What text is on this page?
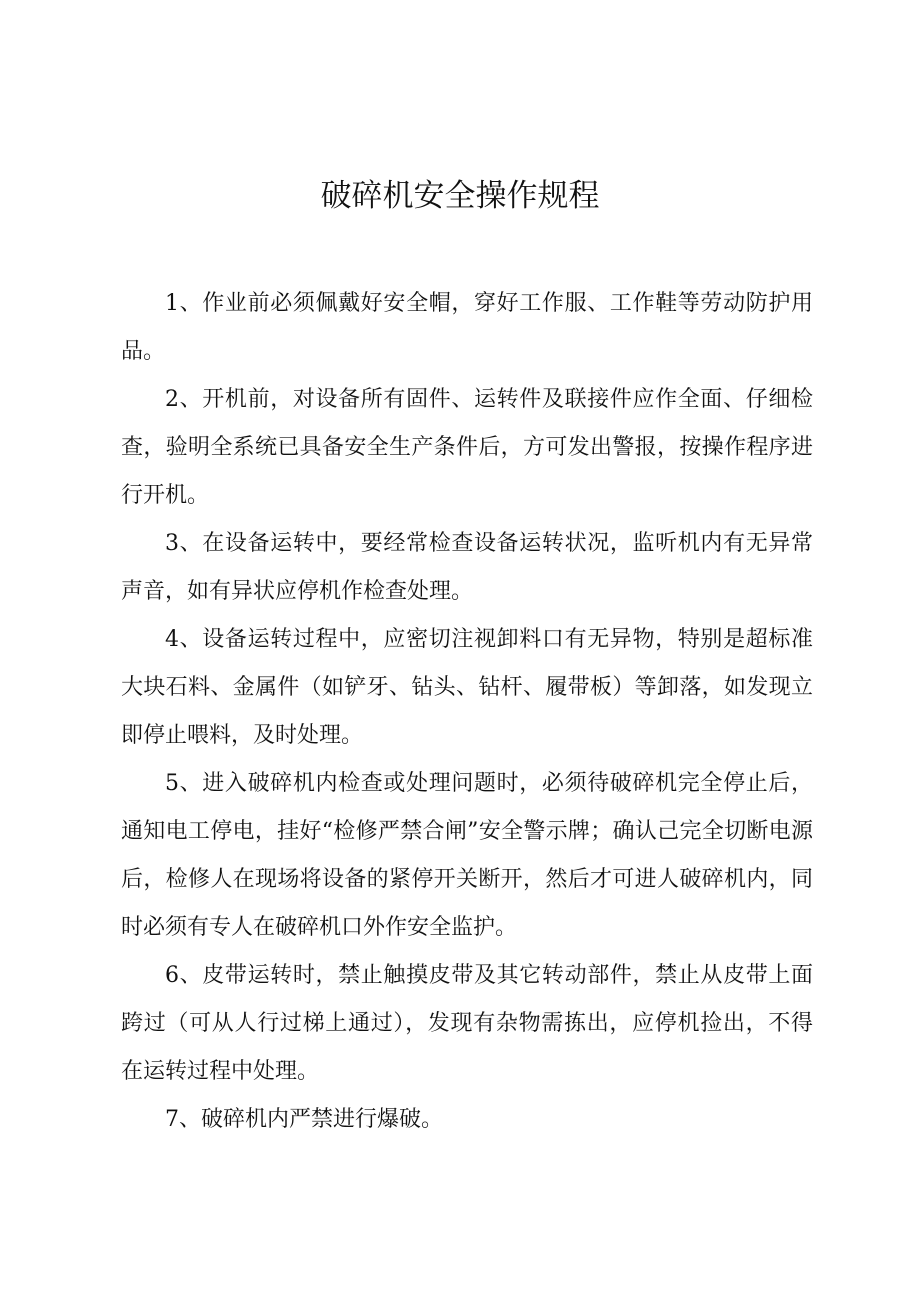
破碎机安全操作规程

1、作业前必须佩戴好安全帽，穿好工作服、工作鞋等劳动防护用品。

2、开机前，对设备所有固件、运转件及联接件应作全面、仔细检查，验明全系统已具备安全生产条件后，方可发出警报，按操作程序进行开机。

3、在设备运转中，要经常检查设备运转状况，监听机内有无异常声音，如有异状应停机作检查处理。

4、设备运转过程中，应密切注视卸料口有无异物，特别是超标准大块石料、金属件（如铲牙、钻头、钻杆、履带板）等卸落，如发现立即停止喂料，及时处理。

5、进入破碎机内检查或处理问题时，必须待破碎机完全停止后，通知电工停电，挂好“检修严禁合闸”安全警示牌；确认己完全切断电源后，检修人在现场将设备的紧停开关断开，然后才可进人破碎机内，同时必须有专人在破碎机口外作安全监护。

6、皮带运转时，禁止触摸皮带及其它转动部件，禁止从皮带上面跨过（可从人行过梯上通过），发现有杂物需拣出，应停机捡出，不得在运转过程中处理。

7、破碎机内严禁进行爆破。
